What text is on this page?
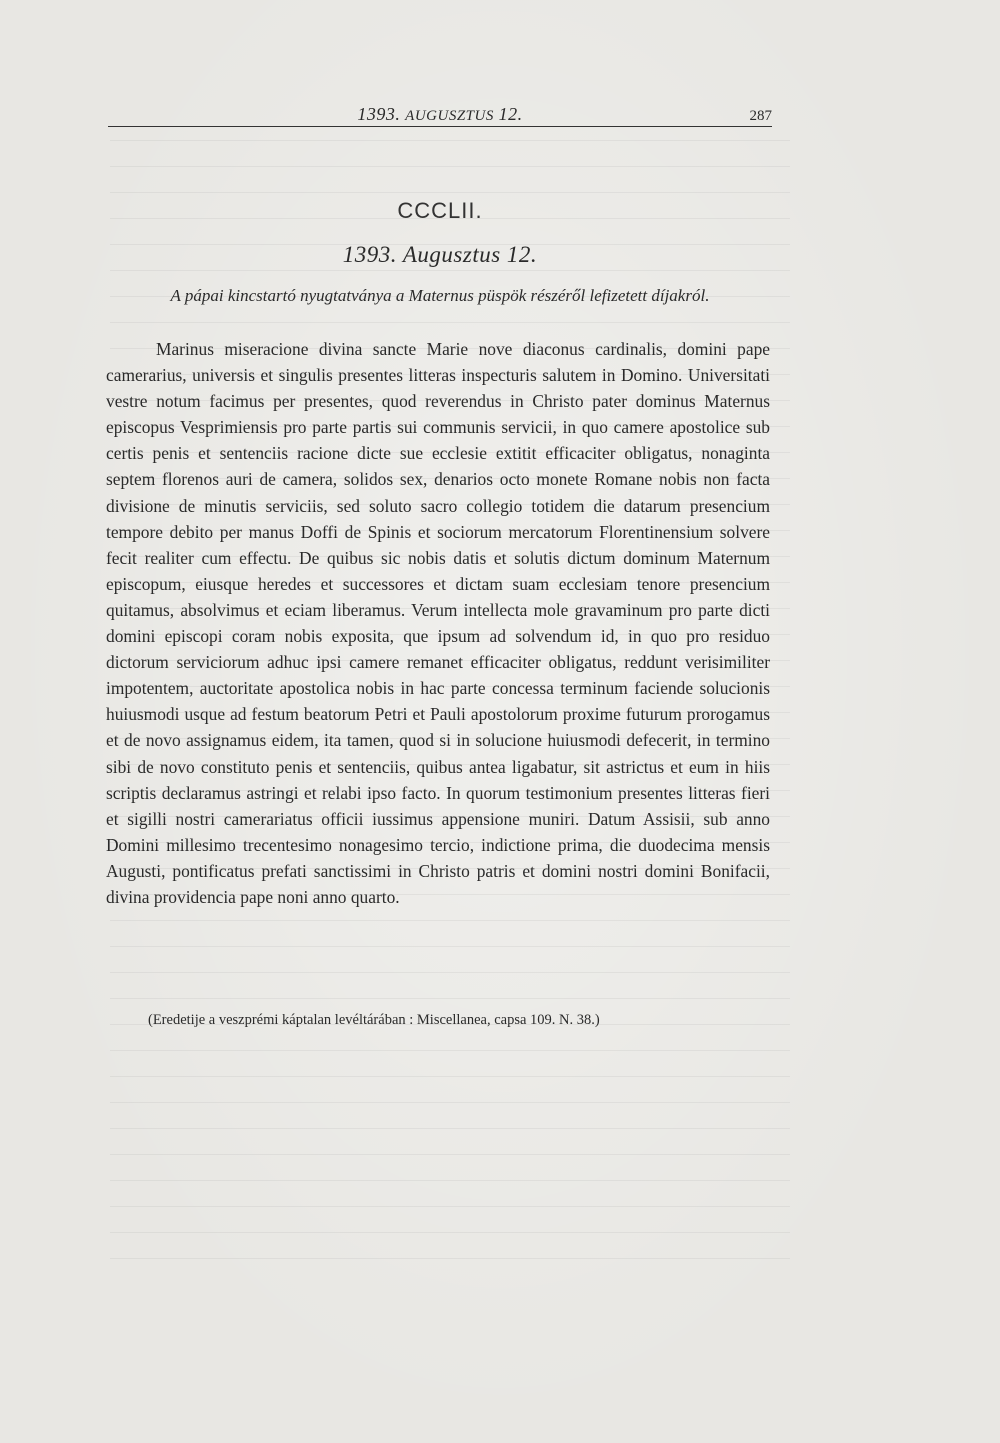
1393. AUGUSZTUS 12.	287
CCCLII.
1393. Augusztus 12.
A pápai kincstartó nyugtatványa a Maternus püspök részéről lefizetett díjakról.

Marinus miseracione divina sancte Marie nove diaconus cardinalis, domini pape camerarius, universis et singulis presentes litteras inspecturis salutem in Domino. Universitati vestre notum facimus per presentes, quod reverendus in Christo pater dominus Maternus episcopus Vesprimiensis pro parte partis sui communis servicii, in quo camere apostolice sub certis penis et sentenciis racione dicte sue ecclesie extitit efficaciter obligatus, nonaginta septem florenos auri de camera, solidos sex, denarios octo monete Romane nobis non facta divisione de minutis serviciis, sed soluto sacro collegio totidem die datarum presencium tempore debito per manus Doffi de Spinis et sociorum mercatorum Florentinensium solvere fecit realiter cum effectu. De quibus sic nobis datis et solutis dictum dominum Maternum episcopum, eiusque heredes et successores et dictam suam ecclesiam tenore presencium quitamus, absolvimus et eciam liberamus. Verum intellecta mole gravaminum pro parte dicti domini episcopi coram nobis exposita, que ipsum ad solvendum id, in quo pro residuo dictorum serviciorum adhuc ipsi camere remanet efficaciter obligatus, reddunt verisimiliter impotentem, auctoritate apostolica nobis in hac parte concessa terminum faciende solucionis huiusmodi usque ad festum beatorum Petri et Pauli apostolorum proxime futurum prorogamus et de novo assignamus eidem, ita tamen, quod si in solucione huiusmodi defecerit, in termino sibi de novo constituto penis et sentenciis, quibus antea ligabatur, sit astrictus et eum in hiis scriptis declaramus astringi et relabi ipso facto. In quorum testimonium presentes litteras fieri et sigilli nostri camerariatus officii iussimus appensione muniri. Datum Assisii, sub anno Domini millesimo trecentesimo nonagesimo tercio, indictione prima, die duodecima mensis Augusti, pontificatus prefati sanctissimi in Christo patris et domini nostri domini Bonifacii, divina providencia pape noni anno quarto.

(Eredetije a veszprémi káptalan levéltárában : Miscellanea, capsa 109. N. 38.)
